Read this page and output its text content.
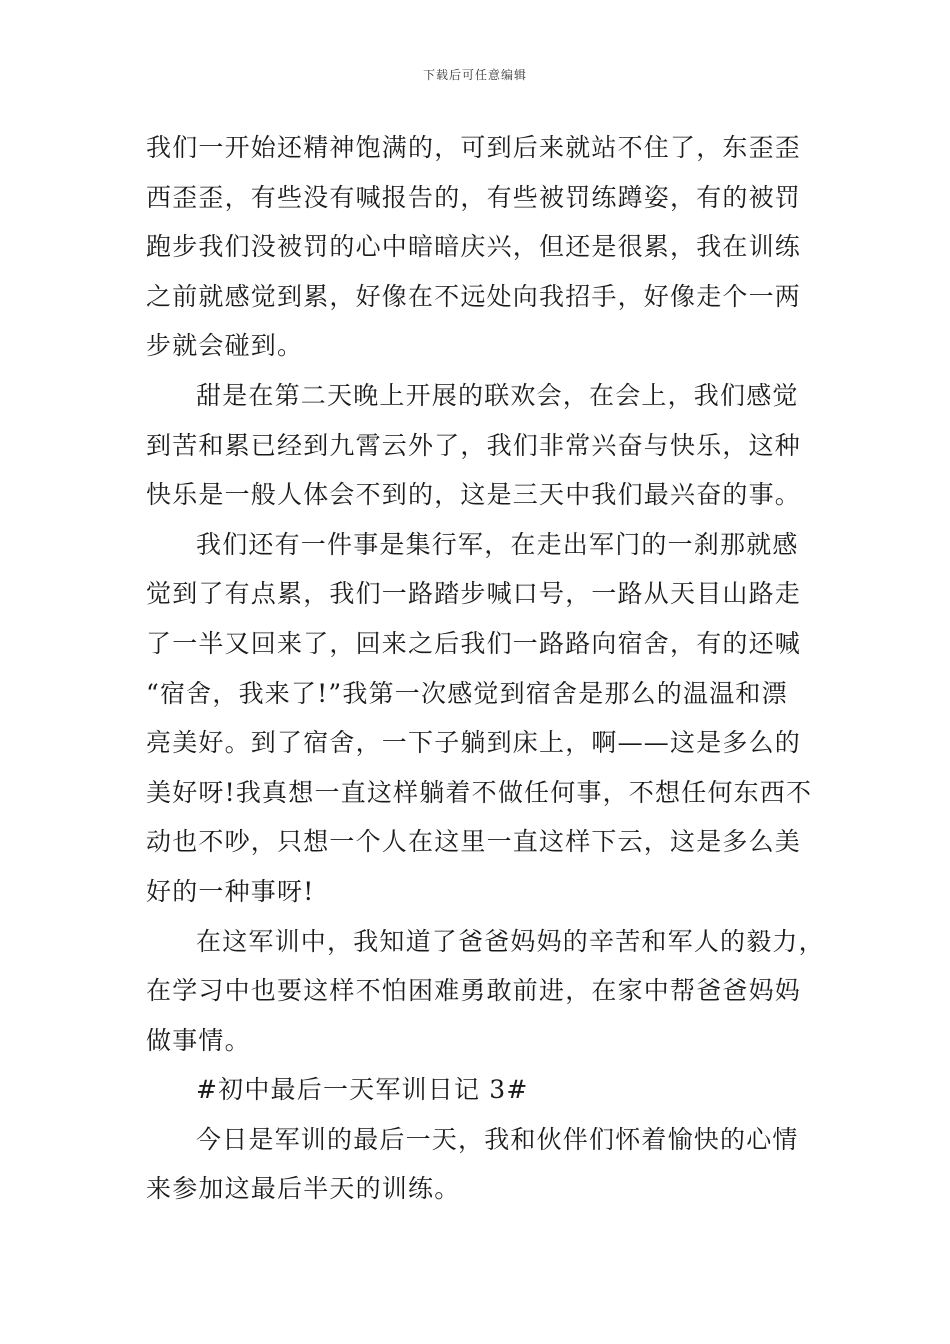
下载后可任意编辑

我们一开始还精神饱满的，可到后来就站不住了，东歪歪
西歪歪，有些没有喊报告的，有些被罚练蹲姿，有的被罚
跑步我们没被罚的心中暗暗庆兴，但还是很累，我在训练
之前就感觉到累，好像在不远处向我招手，好像走个一两
步就会碰到。

甜是在第二天晚上开展的联欢会，在会上，我们感觉
到苦和累已经到九霄云外了，我们非常兴奋与快乐，这种
快乐是一般人体会不到的，这是三天中我们最兴奋的事。

我们还有一件事是集行军，在走出军门的一刹那就感
觉到了有点累，我们一路踏步喊口号，一路从天目山路走
了一半又回来了，回来之后我们一路路向宿舍，有的还喊
“宿舍，我来了!”我第一次感觉到宿舍是那么的温温和漂
亮美好。到了宿舍，一下子躺到床上，啊——这是多么的
美好呀!我真想一直这样躺着不做任何事，不想任何东西不
动也不吵，只想一个人在这里一直这样下云，这是多么美
好的一种事呀!

在这军训中，我知道了爸爸妈妈的辛苦和军人的毅力，
在学习中也要这样不怕困难勇敢前进，在家中帮爸爸妈妈
做事情。

#初中最后一天军训日记 3#

今日是军训的最后一天，我和伙伴们怀着愉快的心情
来参加这最后半天的训练。
